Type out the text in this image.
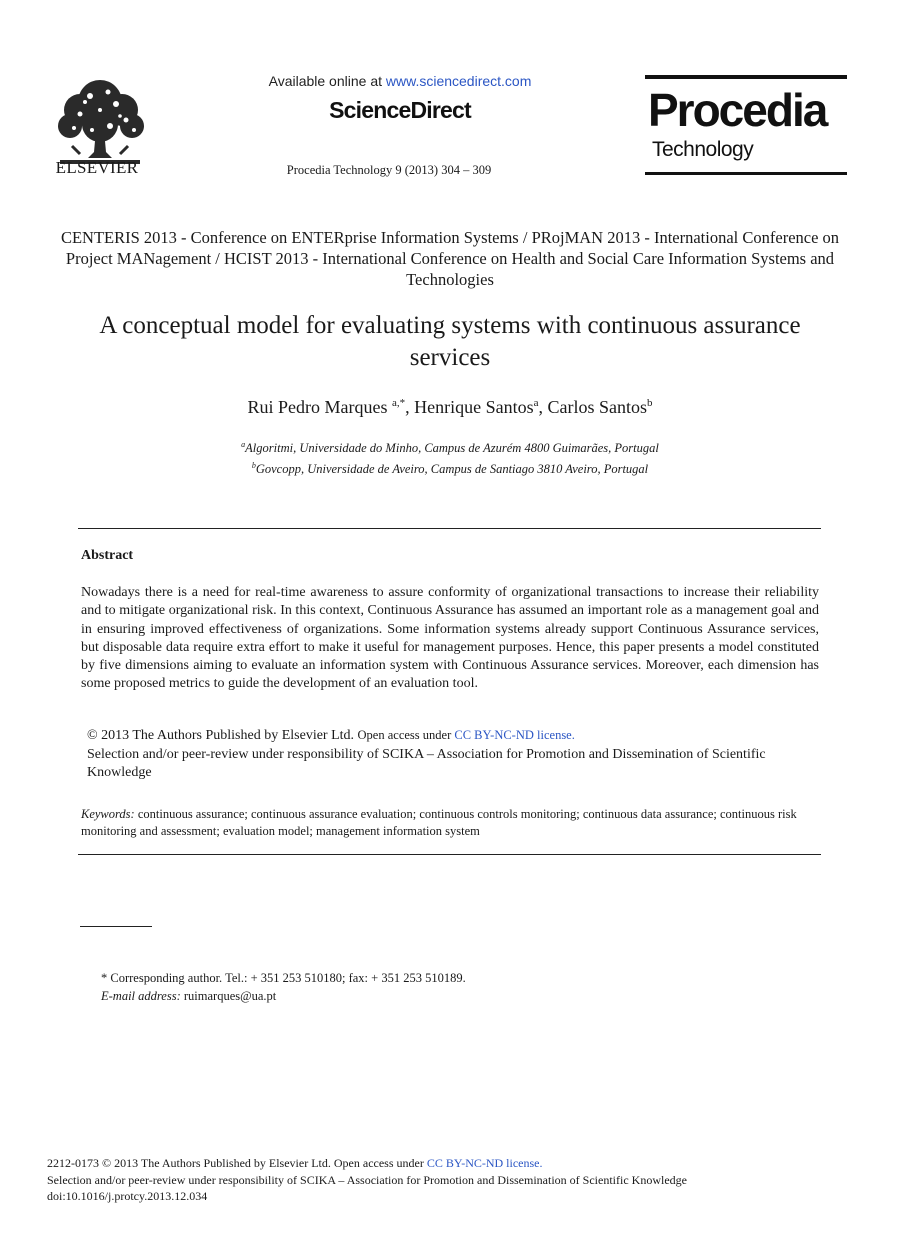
ELSEVIER
Available online at www.sciencedirect.com
ScienceDirect
Procedia Technology 9 (2013) 304 – 309
Procedia
Technology
CENTERIS 2013 - Conference on ENTERprise Information Systems / PRojMAN 2013 - International Conference on Project MANagement / HCIST 2013 - International Conference on Health and Social Care Information Systems and Technologies
A conceptual model for evaluating systems with continuous assurance services
Rui Pedro Marques $^{a,*}$, Henrique Santos$^a$, Carlos Santos$^b$
$^a$Algoritmi, Universidade do Minho, Campus de Azurém 4800 Guimarães, Portugal
$^b$Govcopp, Universidade de Aveiro, Campus de Santiago 3810 Aveiro, Portugal
Abstract
Nowadays there is a need for real-time awareness to assure conformity of organizational transactions to increase their reliability and to mitigate organizational risk. In this context, Continuous Assurance has assumed an important role as a management goal and in ensuring improved effectiveness of organizations. Some information systems already support Continuous Assurance services, but disposable data require extra effort to make it useful for management purposes. Hence, this paper presents a model constituted by five dimensions aiming to evaluate an information system with Continuous Assurance services. Moreover, each dimension has some proposed metrics to guide the development of an evaluation tool.
© 2013 The Authors Published by Elsevier Ltd. Open access under CC BY-NC-ND license.
Selection and/or peer-review under responsibility of SCIKA – Association for Promotion and Dissemination of Scientific Knowledge
Keywords: continuous assurance; continuous assurance evaluation; continuous controls monitoring; continuous data assurance; continuous risk monitoring and assessment; evaluation model; management information system
* Corresponding author. Tel.: + 351 253 510180; fax: + 351 253 510189.
E-mail address: ruimarques@ua.pt
2212-0173 © 2013 The Authors Published by Elsevier Ltd. Open access under CC BY-NC-ND license.
Selection and/or peer-review under responsibility of SCIKA – Association for Promotion and Dissemination of Scientific Knowledge
doi:10.1016/j.protcy.2013.12.034
